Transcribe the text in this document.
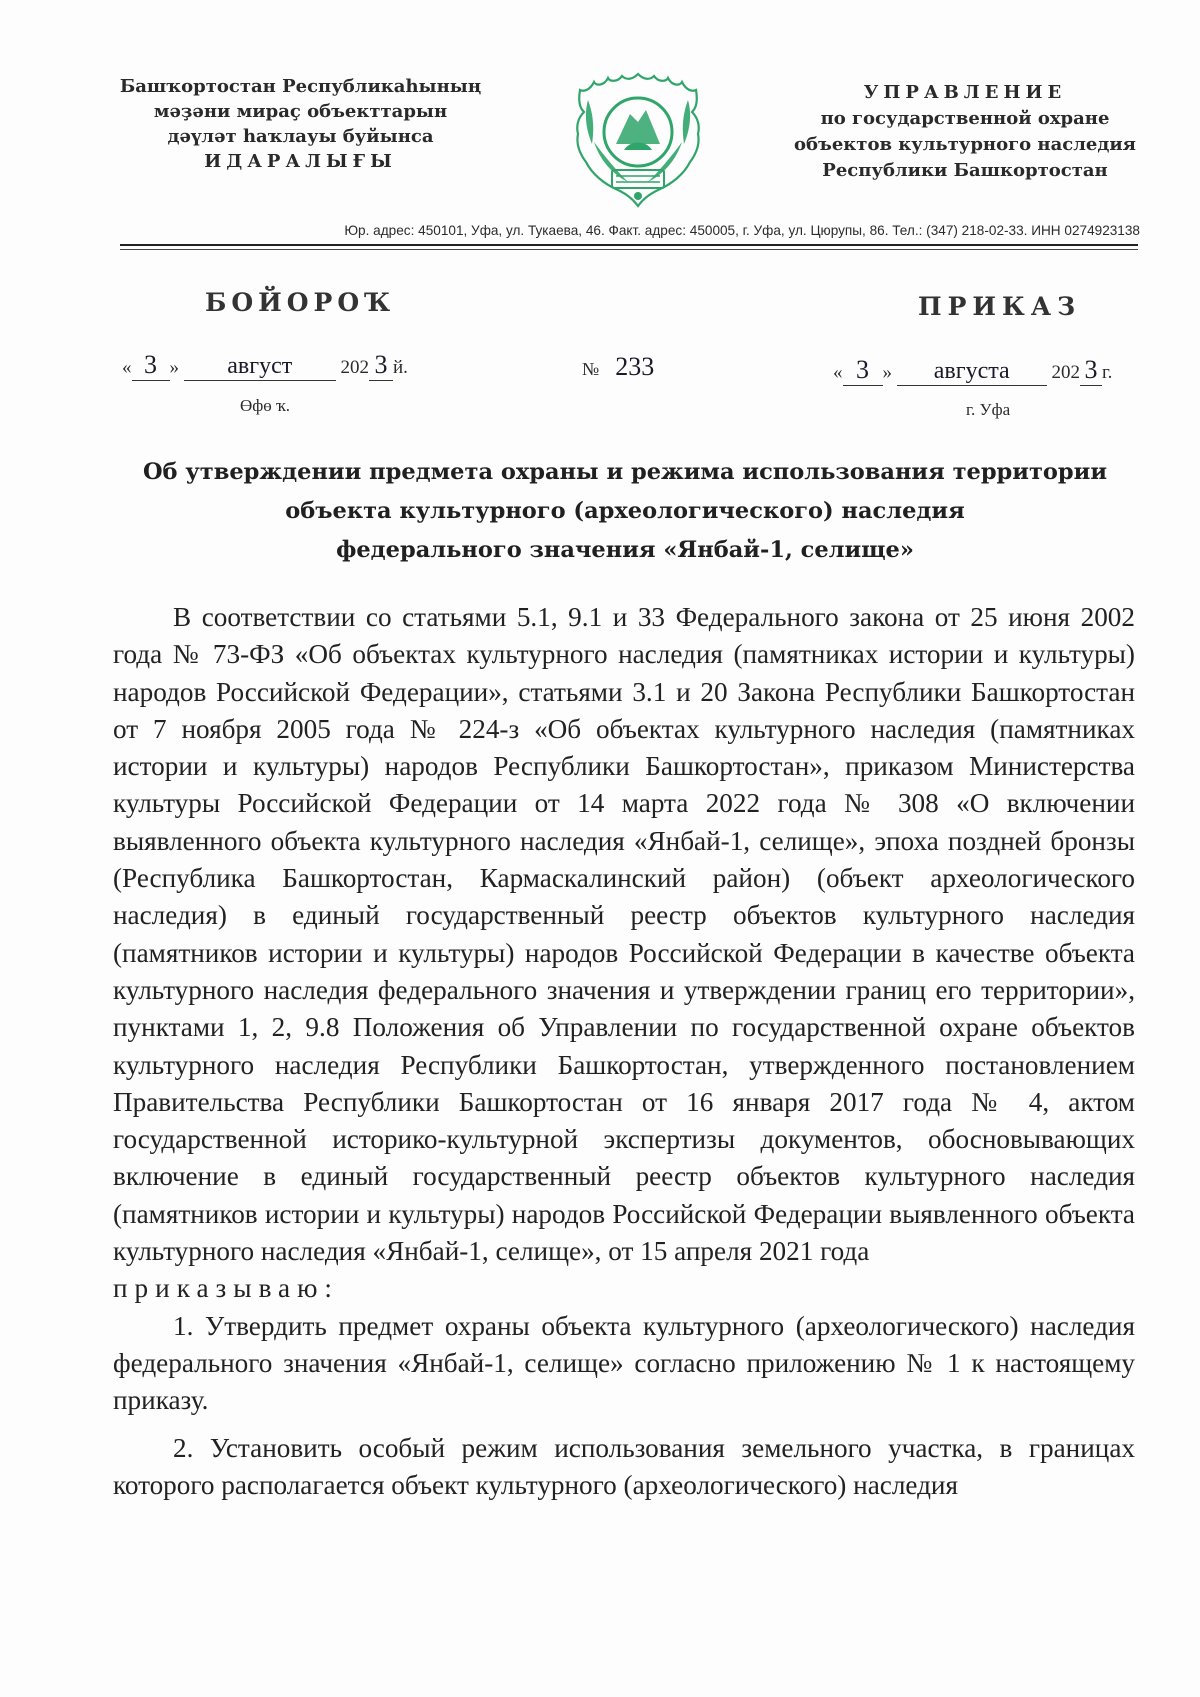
Башҡортостан Республикаһының
мәҙәни мираҫ объекттарын
дәүләт һаҡлауы буйынса
ИДАРАЛЫҒЫ
УПРАВЛЕНИЕ
по государственной охране
объектов культурного наследия
Республики Башкортостан
Юр. адрес: 450101, Уфа, ул. Тукаева, 46. Факт. адрес: 450005, г. Уфа, ул. Цюрупы, 86. Тел.: (347) 218-02-33. ИНН 0274923138
БОЙОРОҠ	ПРИКАЗ
« 3 » август	202 3 й.
Өфө ҡ.
№ 233	« 3 » августа 202 3 г.
г. Уфа
Об утверждении предмета охраны и режима использования территории
объекта культурного (археологического) наследия
федерального значения «Янбай-1, селище»

В соответствии со статьями 5.1, 9.1 и 33 Федерального закона от 25 июня 2002 года № 73-ФЗ «Об объектах культурного наследия (памятниках истории и культуры) народов Российской Федерации», статьями 3.1 и 20 Закона Республики Башкортостан от 7 ноября 2005 года № 224-з «Об объектах культурного наследия (памятниках истории и культуры) народов Республики Башкортостан», приказом Министерства культуры Российской Федерации от 14 марта 2022 года № 308 «О включении выявленного объекта культурного наследия «Янбай-1, селище», эпоха поздней бронзы (Республика Башкортостан, Кармаскалинский район) (объект археологического наследия) в единый государственный реестр объектов культурного наследия (памятников истории и культуры) народов Российской Федерации в качестве объекта культурного наследия федерального значения и утверждении границ его территории», пунктами 1, 2, 9.8 Положения об Управлении по государственной охране объектов культурного наследия Республики Башкортостан, утвержденного постановлением Правительства Республики Башкортостан от 16 января 2017 года № 4, актом государственной историко-культурной экспертизы документов, обосновывающих включение в единый государственный реестр объектов культурного наследия (памятников истории и культуры) народов Российской Федерации выявленного объекта культурного наследия «Янбай-1, селище», от 15 апреля 2021 года

приказываю:

1. Утвердить предмет охраны объекта культурного (археологического) наследия федерального значения «Янбай-1, селище» согласно приложению № 1 к настоящему приказу.

2. Установить особый режим использования земельного участка, в границах которого располагается объект культурного (археологического) наследия
